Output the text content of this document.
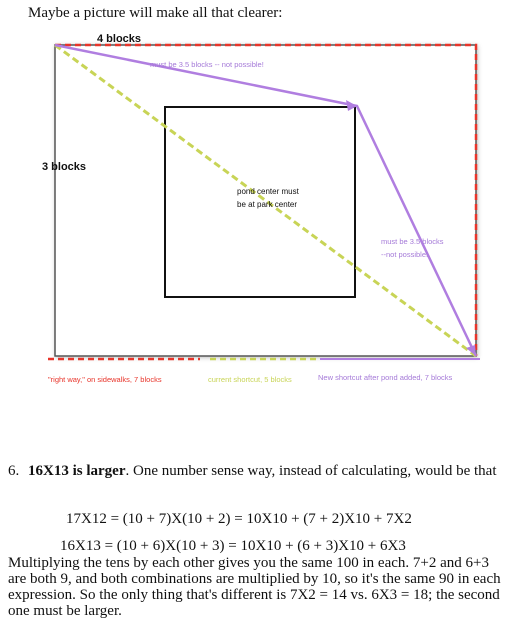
Maybe a picture will make all that clearer:
4 blocks
3 blocks
must be 3.5 blocks -- not possible!
pond center must
be at park center
must be 3.5 blocks
--not possible!
"right way," on sidewalks, 7 blocks	current shortcut, 5 blocks	New shortcut after pond added, 7 blocks
6. 16X13 is larger. One number sense way, instead of calculating, would be that
17X12 = (10 + 7)X(10 + 2) = 10X10 + (7 + 2)X10 + 7X2
16X13 = (10 + 6)X(10 + 3) = 10X10 + (6 + 3)X10 + 6X3
Multiplying the tens by each other gives you the same 100 in each. 7+2 and 6+3 are both 9, and both combinations are multiplied by 10, so it's the same 90 in each expression. So the only thing that's different is 7X2 = 14 vs. 6X3 = 18; the second one must be larger.
